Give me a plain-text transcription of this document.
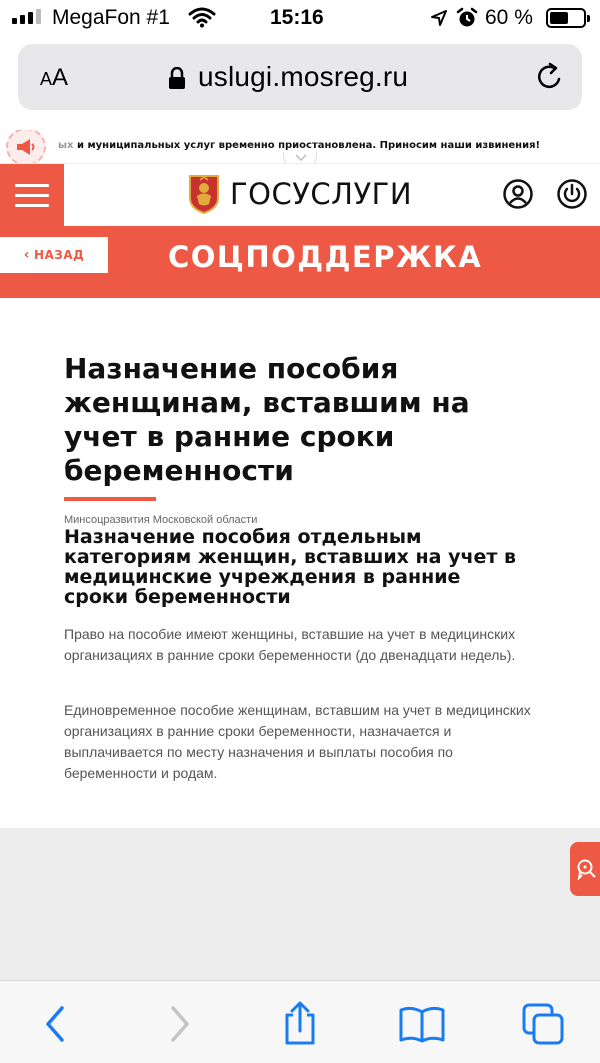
MegaFon #1	15:16	60 %
AA	uslugi.mosreg.ru
ых и муниципальных услуг временно приостановлена. Приносим наши извинения!
ГОСУСЛУГИ
‹ НАЗАД	СОЦПОДДЕРЖКА
Назначение пособия женщинам, вставшим на учет в ранние сроки беременности
Минсоцразвития Московской области
Назначение пособия отдельным категориям женщин, вставших на учет в медицинские учреждения в ранние сроки беременности

Право на пособие имеют женщины, вставшие на учет в медицинских организациях в ранние сроки беременности (до двенадцати недель).

Единовременное пособие женщинам, вставшим на учет в медицинских организациях в ранние сроки беременности, назначается и выплачивается по месту назначения и выплаты пособия по беременности и родам.
